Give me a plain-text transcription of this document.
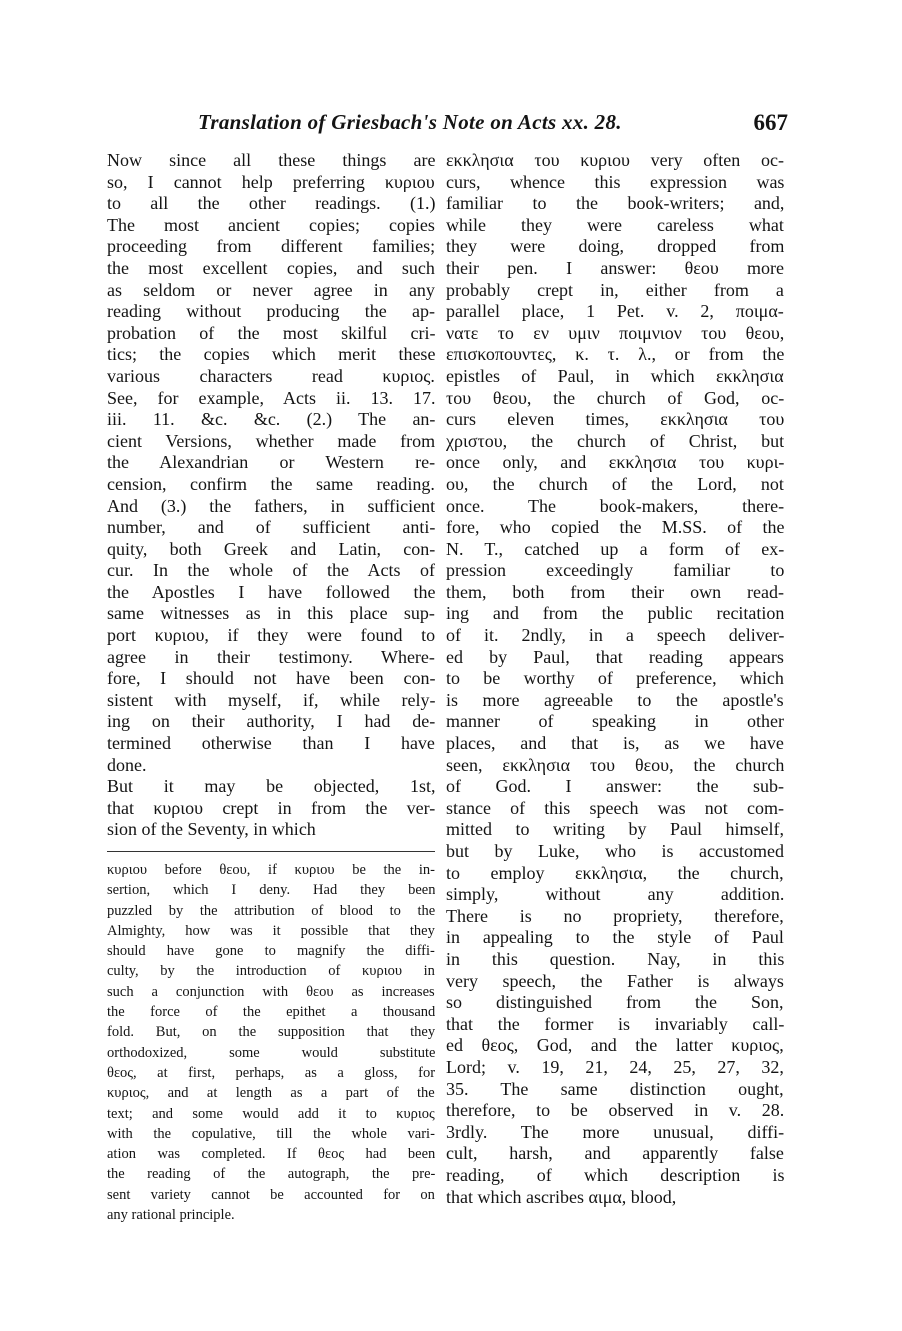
Translation of Griesbach's Note on Acts xx. 28.	667
Now since all these things are
so, I cannot help preferring κυριου
to all the other readings. (1.)
The most ancient copies; copies
proceeding from different families;
the most excellent copies, and such
as seldom or never agree in any
reading without producing the ap-
probation of the most skilful cri-
tics; the copies which merit these
various characters read κυριος.
See, for example, Acts ii. 13. 17.
iii. 11. &c. &c. (2.) The an-
cient Versions, whether made from
the Alexandrian or Western re-
cension, confirm the same reading.
And (3.) the fathers, in sufficient
number, and of sufficient anti-
quity, both Greek and Latin, con-
cur. In the whole of the Acts of
the Apostles I have followed the
same witnesses as in this place sup-
port κυριου, if they were found to
agree in their testimony. Where-
fore, I should not have been con-
sistent with myself, if, while rely-
ing on their authority, I had de-
termined otherwise than I have
done.
But it may be objected, 1st,
that κυριου crept in from the ver-
sion of the Seventy, in which
κυριου before θεου, if κυριου be the in-
sertion, which I deny. Had they been
puzzled by the attribution of blood to the
Almighty, how was it possible that they
should have gone to magnify the diffi-
culty, by the introduction of κυριου in
such a conjunction with θεου as increases
the force of the epithet a thousand
fold. But, on the supposition that they
orthodoxized, some would substitute
θεος, at first, perhaps, as a gloss, for
κυριος, and at length as a part of the
text; and some would add it to κυριος
with the copulative, till the whole vari-
ation was completed. If θεος had been
the reading of the autograph, the pre-
sent variety cannot be accounted for on
any rational principle.
εκκλησια του κυριου very often oc-
curs, whence this expression was
familiar to the book-writers; and,
while they were careless what
they were doing, dropped from
their pen. I answer: θεου more
probably crept in, either from a
parallel place, 1 Pet. v. 2, ποιμα-
νατε το εν υμιν ποιμνιον του θεου,
επισκοπουντες, κ. τ. λ., or from the
epistles of Paul, in which εκκλησια
του θεου, the church of God, oc-
curs eleven times, εκκλησια του
χριστου, the church of Christ, but
once only, and εκκλησια του κυρι-
ου, the church of the Lord, not
once. The book-makers, there-
fore, who copied the M.SS. of the
N. T., catched up a form of ex-
pression exceedingly familiar to
them, both from their own read-
ing and from the public recitation
of it. 2ndly, in a speech deliver-
ed by Paul, that reading appears
to be worthy of preference, which
is more agreeable to the apostle's
manner of speaking in other
places, and that is, as we have
seen, εκκλησια του θεου, the church
of God. I answer: the sub-
stance of this speech was not com-
mitted to writing by Paul himself,
but by Luke, who is accustomed
to employ εκκλησια, the church,
simply, without any addition.
There is no propriety, therefore,
in appealing to the style of Paul
in this question. Nay, in this
very speech, the Father is always
so distinguished from the Son,
that the former is invariably call-
ed θεος, God, and the latter κυριος,
Lord; v. 19, 21, 24, 25, 27, 32,
35. The same distinction ought,
therefore, to be observed in v. 28.
3rdly. The more unusual, diffi-
cult, harsh, and apparently false
reading, of which description is
that which ascribes αιμα, blood,
